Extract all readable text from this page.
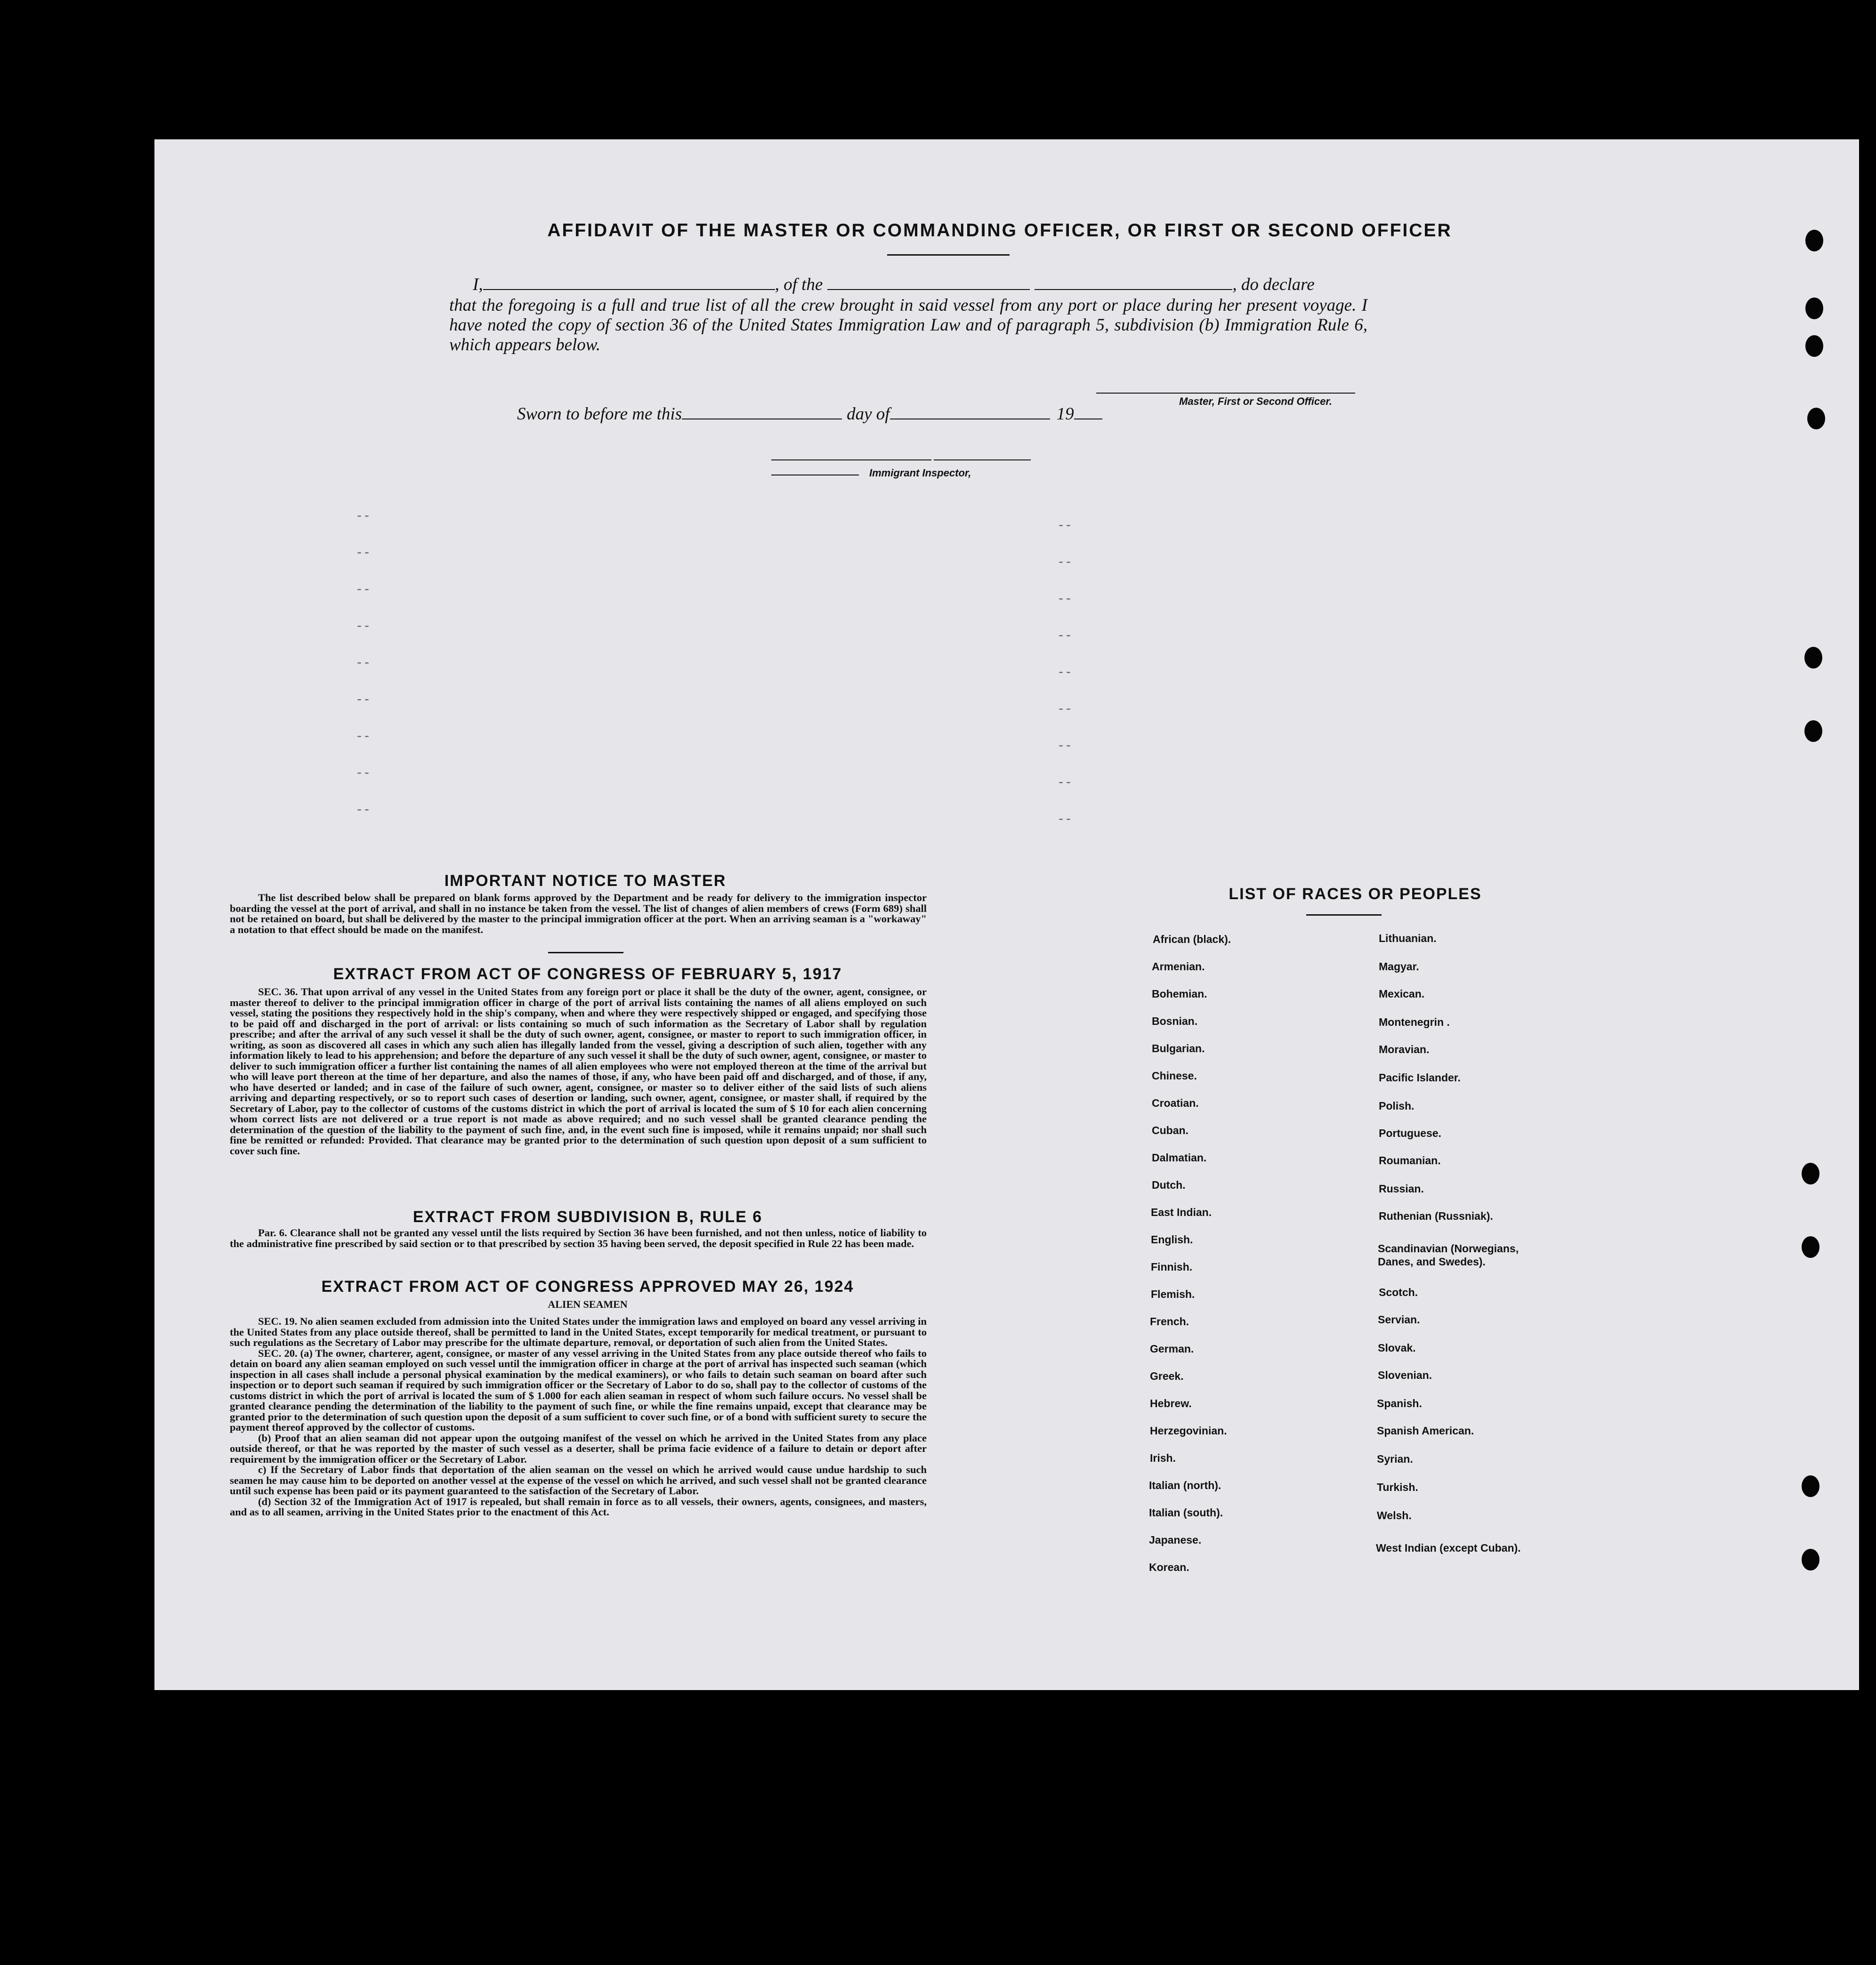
AFFIDAVIT OF THE MASTER OR COMMANDING OFFICER, OR FIRST OR SECOND OFFICER
I,	, of the	, do declare
that the foregoing is a full and true list of all the crew brought in said vessel from any port or place during her present voyage. I have noted the copy of section 36 of the United States Immigration Law and of paragraph 5, subdivision (b) Immigration Rule 6, which appears below.
Master, First or Second Officer.
Sworn to before me this	day of	19
Immigrant Inspector,
--
--
--
--
--
--
--
--
--
--
--
--
--
--
--
--
--
--
IMPORTANT NOTICE TO MASTER

The list described below shall be prepared on blank forms approved by the Department and be ready for delivery to the immigration inspector boarding the vessel at the port of arrival, and shall in no instance be taken from the vessel. The list of changes of alien members of crews (Form 689) shall not be retained on board, but shall be delivered by the master to the principal immigration officer at the port. When an arriving seaman is a "workaway" a notation to that effect should be made on the manifest.

EXTRACT FROM ACT OF CONGRESS OF FEBRUARY 5, 1917

SEC. 36. That upon arrival of any vessel in the United States from any foreign port or place it shall be the duty of the owner, agent, consignee, or master thereof to deliver to the principal immigration officer in charge of the port of arrival lists containing the names of all aliens employed on such vessel, stating the positions they respectively hold in the ship's company, when and where they were respectively shipped or engaged, and specifying those to be paid off and discharged in the port of arrival: or lists containing so much of such information as the Secretary of Labor shall by regulation prescribe; and after the arrival of any such vessel it shall be the duty of such owner, agent, consignee, or master to report to such immigration officer, in writing, as soon as discovered all cases in which any such alien has illegally landed from the vessel, giving a description of such alien, together with any information likely to lead to his apprehension; and before the departure of any such vessel it shall be the duty of such owner, agent, consignee, or master to deliver to such immigration officer a further list containing the names of all alien employees who were not employed thereon at the time of the arrival but who will leave port thereon at the time of her departure, and also the names of those, if any, who have been paid off and discharged, and of those, if any, who have deserted or landed; and in case of the failure of such owner, agent, consignee, or master so to deliver either of the said lists of such aliens arriving and departing respectively, or so to report such cases of desertion or landing, such owner, agent, consignee, or master shall, if required by the Secretary of Labor, pay to the collector of customs of the customs district in which the port of arrival is located the sum of $ 10 for each alien concerning whom correct lists are not delivered or a true report is not made as above required; and no such vessel shall be granted clearance pending the determination of the question of the liability to the payment of such fine, and, in the event such fine is imposed, while it remains unpaid; nor shall such fine be remitted or refunded: Provided. That clearance may be granted prior to the determination of such question upon deposit of a sum sufficient to cover such fine.

EXTRACT FROM SUBDIVISION B, RULE 6

Par. 6. Clearance shall not be granted any vessel until the lists required by Section 36 have been furnished, and not then unless, notice of liability to the administrative fine prescribed by said section or to that prescribed by section 35 having been served, the deposit specified in Rule 22 has been made.

EXTRACT FROM ACT OF CONGRESS APPROVED MAY 26, 1924
ALIEN SEAMEN

SEC. 19. No alien seamen excluded from admission into the United States under the immigration laws and employed on board any vessel arriving in the United States from any place outside thereof, shall be permitted to land in the United States, except temporarily for medical treatment, or pursuant to such regulations as the Secretary of Labor may prescribe for the ultimate departure, removal, or deportation of such alien from the United States.

SEC. 20. (a) The owner, charterer, agent, consignee, or master of any vessel arriving in the United States from any place outside thereof who fails to detain on board any alien seaman employed on such vessel until the immigration officer in charge at the port of arrival has inspected such seaman (which inspection in all cases shall include a personal physical examination by the medical examiners), or who fails to detain such seaman on board after such inspection or to deport such seaman if required by such immigration officer or the Secretary of Labor to do so, shall pay to the collector of customs of the customs district in which the port of arrival is located the sum of $ 1.000 for each alien seaman in respect of whom such failure occurs. No vessel shall be granted clearance pending the determination of the liability to the payment of such fine, or while the fine remains unpaid, except that clearance may be granted prior to the determination of such question upon the deposit of a sum sufficient to cover such fine, or of a bond with sufficient surety to secure the payment thereof approved by the collector of customs.

(b) Proof that an alien seaman did not appear upon the outgoing manifest of the vessel on which he arrived in the United States from any place outside thereof, or that he was reported by the master of such vessel as a deserter, shall be prima facie evidence of a failure to detain or deport after requirement by the immigration officer or the Secretary of Labor.

c) If the Secretary of Labor finds that deportation of the alien seaman on the vessel on which he arrived would cause undue hardship to such seamen he may cause him to be deported on another vessel at the expense of the vessel on which he arrived, and such vessel shall not be granted clearance until such expense has been paid or its payment guaranteed to the satisfaction of the Secretary of Labor.

(d) Section 32 of the Immigration Act of 1917 is repealed, but shall remain in force as to all vessels, their owners, agents, consignees, and masters, and as to all seamen, arriving in the United States prior to the enactment of this Act.

LIST OF RACES OR PEOPLES
African (black).
Armenian.
Bohemian.
Bosnian.
Bulgarian.
Chinese.
Croatian.
Cuban.
Dalmatian.
Dutch.
East Indian.
English.
Finnish.
Flemish.
French.
German.
Greek.
Hebrew.
Herzegovinian.
Irish.
Italian (north).
Italian (south).
Japanese.
Korean.
Lithuanian.
Magyar.
Mexican.
Montenegrin .
Moravian.
Pacific Islander.
Polish.
Portuguese.
Roumanian.
Russian.
Ruthenian (Russniak).
Scandinavian (Norwegians, Danes, and Swedes).
Scotch.
Servian.
Slovak.
Slovenian.
Spanish.
Spanish American.
Syrian.
Turkish.
Welsh.
West Indian (except Cuban).
